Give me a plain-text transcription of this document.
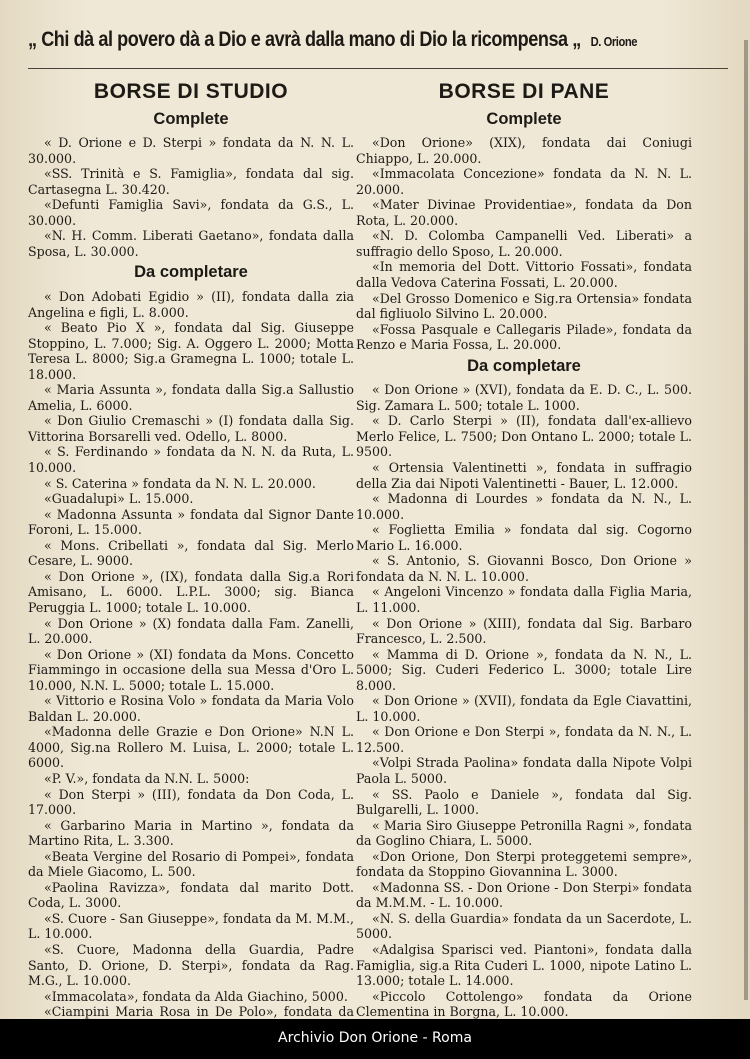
„ Chi dà al povero dà a Dio e avrà dalla mano di Dio la ricompensa „ D. Orione
BORSE DI STUDIO
Complete

« D. Orione e D. Sterpi » fondata da N. N. L. 30.000.

«SS. Trinità e S. Famiglia», fondata dal sig. Cartasegna L. 30.420.

«Defunti Famiglia Savi», fondata da G.S., L. 30.000.

«N. H. Comm. Liberati Gaetano», fondata dalla Sposa, L. 30.000.

Da completare

« Don Adobati Egidio » (II), fondata dalla zia Angelina e figli, L. 8.000.

« Beato Pio X », fondata dal Sig. Giuseppe Stoppino, L. 7.000; Sig. A. Oggero L. 2000; Motta Teresa L. 8000; Sig.a Gramegna L. 1000; totale L. 18.000.

« Maria Assunta », fondata dalla Sig.a Sallustio Amelia, L. 6000.

« Don Giulio Cremaschi » (I) fondata dalla Sig. Vittorina Borsarelli ved. Odello, L. 8000.

« S. Ferdinando » fondata da N. N. da Ruta, L. 10.000.

« S. Caterina » fondata da N. N. L. 20.000.

«Guadalupi» L. 15.000.

« Madonna Assunta » fondata dal Signor Dante Foroni, L. 15.000.

« Mons. Cribellati », fondata dal Sig. Merlo Cesare, L. 9000.

« Don Orione », (IX), fondata dalla Sig.a Rori Amisano, L. 6000. L.P.L. 3000; sig. Bianca Peruggia L. 1000; totale L. 10.000.

« Don Orione » (X) fondata dalla Fam. Zanelli, L. 20.000.

« Don Orione » (XI) fondata da Mons. Concetto Fiammingo in occasione della sua Messa d'Oro L. 10.000, N.N. L. 5000; totale L. 15.000.

« Vittorio e Rosina Volo » fondata da Maria Volo Baldan L. 20.000.

«Madonna delle Grazie e Don Orione» N.N L. 4000, Sig.na Rollero M. Luisa, L. 2000; totale L. 6000.

«P. V.», fondata da N.N. L. 5000:

« Don Sterpi » (III), fondata da Don Coda, L. 17.000.

« Garbarino Maria in Martino », fondata da Martino Rita, L. 3.300.

«Beata Vergine del Rosario di Pompei», fondata da Miele Giacomo, L. 500.

«Paolina Ravizza», fondata dal marito Dott. Coda, L. 3000.

«S. Cuore - San Giuseppe», fondata da M. M.M., L. 10.000.

«S. Cuore, Madonna della Guardia, Padre Santo, D. Orione, D. Sterpi», fondata da Rag. M.G., L. 10.000.

«Immacolata», fondata da Alda Giachino, 5000.

«Ciampini Maria Rosa in De Polo», fondata da

BORSE DI PANE
Complete

«Don Orione» (XIX), fondata dai Coniugi Chiappo, L. 20.000.

«Immacolata Concezione» fondata da N. N. L. 20.000.

«Mater Divinae Providentiae», fondata da Don Rota, L. 20.000.

«N. D. Colomba Campanelli Ved. Liberati» a suffragio dello Sposo, L. 20.000.

«In memoria del Dott. Vittorio Fossati», fondata dalla Vedova Caterina Fossati, L. 20.000.

«Del Grosso Domenico e Sig.ra Ortensia» fondata dal figliuolo Silvino L. 20.000.

«Fossa Pasquale e Callegaris Pilade», fondata da Renzo e Maria Fossa, L. 20.000.

Da completare

« Don Orione » (XVI), fondata da E. D. C., L. 500. Sig. Zamara L. 500; totale L. 1000.

« D. Carlo Sterpi » (II), fondata dall'ex-allievo Merlo Felice, L. 7500; Don Ontano L. 2000; totale L. 9500.

« Ortensia Valentinetti », fondata in suffragio della Zia dai Nipoti Valentinetti - Bauer, L. 12.000.

« Madonna di Lourdes » fondata da N. N., L. 10.000.

« Foglietta Emilia » fondata dal sig. Cogorno Mario L. 16.000.

« S. Antonio, S. Giovanni Bosco, Don Orione » fondata da N. N. L. 10.000.

« Angeloni Vincenzo » fondata dalla Figlia Maria, L. 11.000.

« Don Orione » (XIII), fondata dal Sig. Barbaro Francesco, L. 2.500.

« Mamma di D. Orione », fondata da N. N., L. 5000; Sig. Cuderi Federico L. 3000; totale Lire 8.000.

« Don Orione » (XVII), fondata da Egle Ciavattini, L. 10.000.

« Don Orione e Don Sterpi », fondata da N. N., L. 12.500.

«Volpi Strada Paolina» fondata dalla Nipote Volpi Paola L. 5000.

« SS. Paolo e Daniele », fondata dal Sig. Bulgarelli, L. 1000.

« Maria Siro Giuseppe Petronilla Ragni », fondata da Goglino Chiara, L. 5000.

«Don Orione, Don Sterpi proteggetemi sempre», fondata da Stoppino Giovannina L. 3000.

«Madonna SS. - Don Orione - Don Sterpi» fondata da M.M.M. - L. 10.000.

«N. S. della Guardia» fondata da un Sacerdote, L. 5000.

«Adalgisa Sparisci ved. Piantoni», fondata dalla Famiglia, sig.a Rita Cuderi L. 1000, nipote Latino L. 13.000; totale L. 14.000.

«Piccolo Cottolengo» fondata da Orione Clementina in Borgna, L. 10.000.

Archivio Don Orione - Roma
